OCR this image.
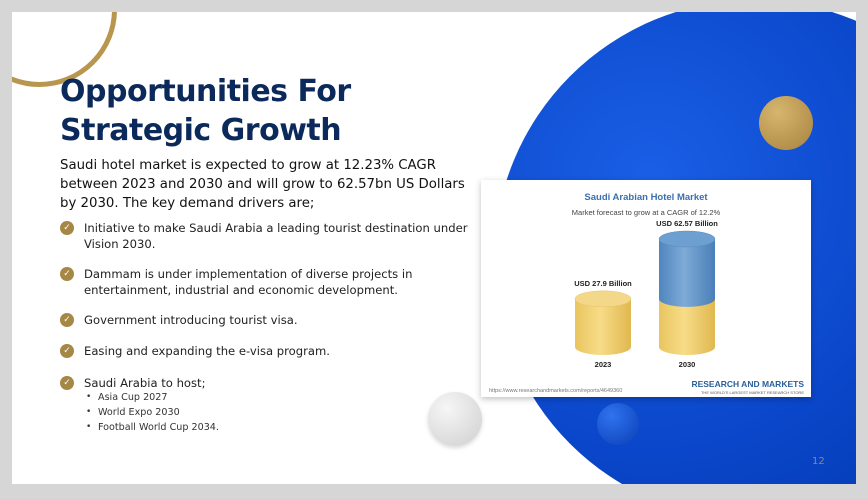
Opportunities For
Strategic Growth
Saudi hotel market is expected to grow at 12.23% CAGR between 2023 and 2030 and will grow to 62.57bn US Dollars by 2030. The key demand drivers are;
✓ Initiative to make Saudi Arabia a leading tourist destination under Vision 2030.
✓ Dammam is under implementation of diverse projects in entertainment, industrial and economic development.
✓ Government introducing tourist visa.
✓ Easing and expanding the e-visa program.
✓ Saudi Arabia to host;
• Asia Cup 2027
• World Expo 2030
• Football World Cup 2034.
Saudi Arabian Hotel Market
Market forecast to grow at a CAGR of 12.2%
USD 27.9 Billion
2023
USD 62.57 Billion
2030
https://www.researchandmarkets.com/reports/4649360
RESEARCH AND MARKETS
THE WORLD'S LARGEST MARKET RESEARCH STORE
12
